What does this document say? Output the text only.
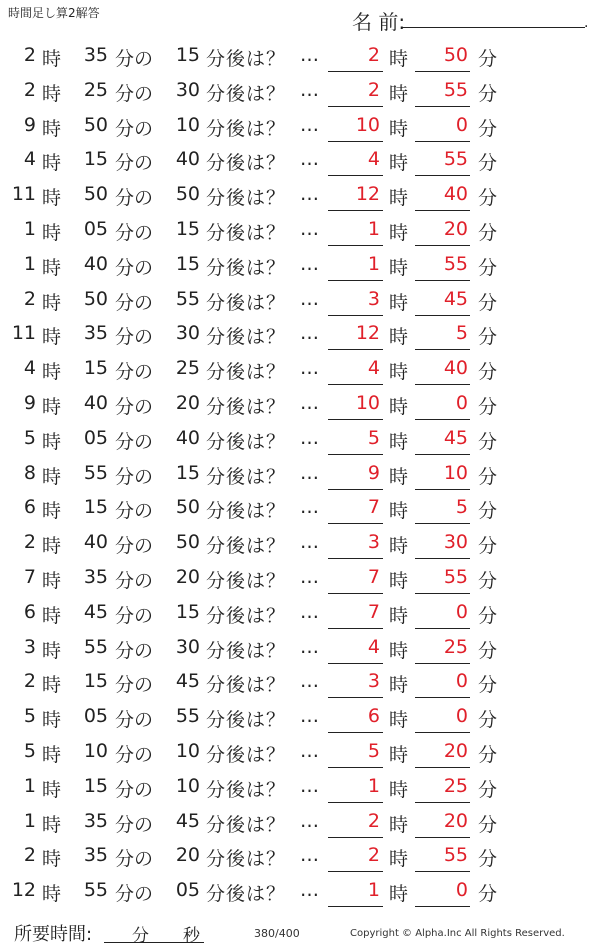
時間足し算2解答	名 前:	.
2 時	35 分の	15 分後は？ …	2 時	50 分
2 時	25 分の	30 分後は？ …	2 時	55 分
9 時	50 分の	10 分後は？ …	10 時	0 分
4 時	15 分の	40 分後は？ …	4 時	55 分
11 時	50 分の	50 分後は？ …	12 時	40 分
1 時	05 分の	15 分後は？ …	1 時	20 分
1 時	40 分の	15 分後は？ …	1 時	55 分
2 時	50 分の	55 分後は？ …	3 時	45 分
11 時	35 分の	30 分後は？ …	12 時	5 分
4 時	15 分の	25 分後は？ …	4 時	40 分
9 時	40 分の	20 分後は？ …	10 時	0 分
5 時	05 分の	40 分後は？ …	5 時	45 分
8 時	55 分の	15 分後は？ …	9 時	10 分
6 時	15 分の	50 分後は？ …	7 時	5 分
2 時	40 分の	50 分後は？ …	3 時	30 分
7 時	35 分の	20 分後は？ …	7 時	55 分
6 時	45 分の	15 分後は？ …	7 時	0 分
3 時	55 分の	30 分後は？ …	4 時	25 分
2 時	15 分の	45 分後は？ …	3 時	0 分
5 時	05 分の	55 分後は？ …	6 時	0 分
5 時	10 分の	10 分後は？ …	5 時	20 分
1 時	15 分の	10 分後は？ …	1 時	25 分
1 時	35 分の	45 分後は？ …	2 時	20 分
2 時	35 分の	20 分後は？ …	2 時	55 分
12 時	55 分の	05 分後は？ …	1 時	0 分
所要時間: 分 秒	380/400	Copyright © Alpha.Inc All Rights Reserved.
